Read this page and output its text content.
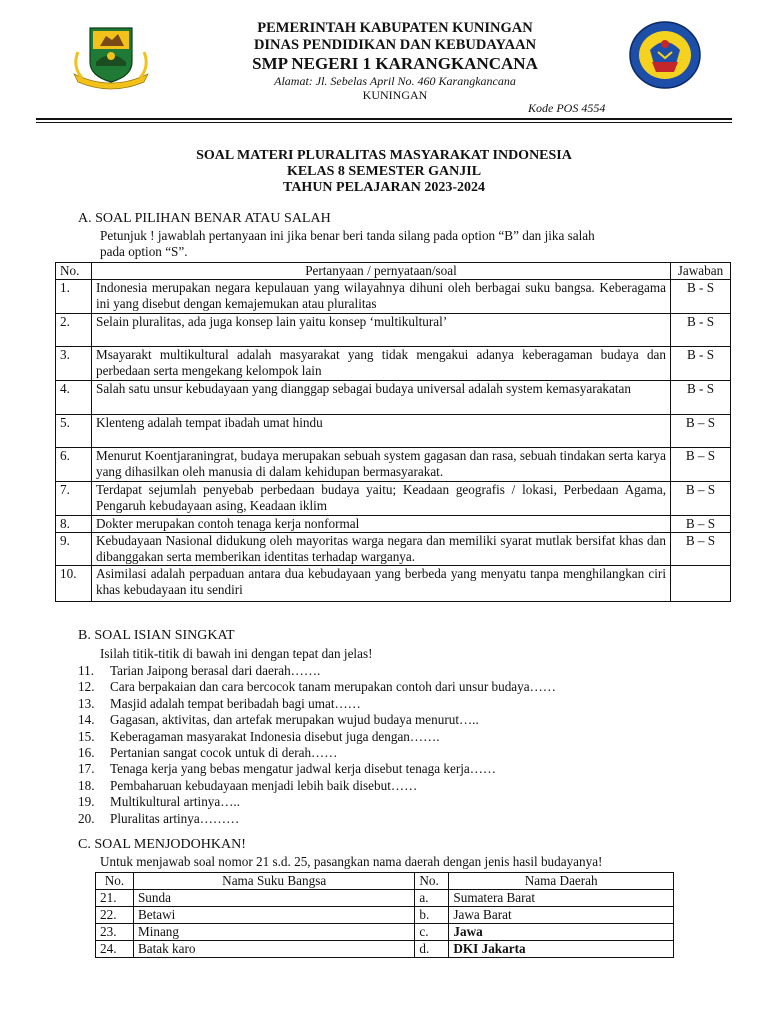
PEMERINTAH KABUPATEN KUNINGAN
DINAS PENDIDIKAN DAN KEBUDAYAAN
SMP NEGERI 1 KARANGKANCANA
Alamat: Jl. Sebelas April No. 460 Karangkancana
KUNINGAN
Kode POS 4554
SOAL MATERI PLURALITAS MASYARAKAT INDONESIA
KELAS 8 SEMESTER GANJIL
TAHUN PELAJARAN 2023-2024
A. SOAL PILIHAN BENAR ATAU SALAH
Petunjuk ! jawablah pertanyaan ini jika benar beri tanda silang pada option “B” dan jika salah
pada option “S”.
No.	Pertanyaan / pernyataan/soal	Jawaban
1.	Indonesia merupakan negara kepulauan yang wilayahnya dihuni oleh berbagai suku bangsa. Keberagama ini yang disebut dengan kemajemukan atau pluralitas	B - S
2.	Selain pluralitas, ada juga konsep lain yaitu konsep ‘multikultural’	B - S
3.	Msayarakt multikultural adalah masyarakat yang tidak mengakui adanya keberagaman budaya dan perbedaan serta mengekang kelompok lain	B - S
4.	Salah satu unsur kebudayaan yang dianggap sebagai budaya universal adalah system kemasyarakatan	B - S
5.	Klenteng adalah tempat ibadah umat hindu	B – S
6.	Menurut Koentjaraningrat, budaya merupakan sebuah system gagasan dan rasa, sebuah tindakan serta karya yang dihasilkan oleh manusia di dalam kehidupan bermasyarakat.	B – S
7.	Terdapat sejumlah penyebab perbedaan budaya yaitu; Keadaan geografis / lokasi, Perbedaan Agama, Pengaruh kebudayaan asing, Keadaan iklim	B – S
8.	Dokter merupakan contoh tenaga kerja nonformal	B – S
9.	Kebudayaan Nasional didukung oleh mayoritas warga negara dan memiliki syarat mutlak bersifat khas dan dibanggakan serta memberikan identitas terhadap warganya.	B – S
10.	Asimilasi adalah perpaduan antara dua kebudayaan yang berbeda yang menyatu tanpa menghilangkan ciri khas kebudayaan itu sendiri	
B. SOAL ISIAN SINGKAT
Isilah titik-titik di bawah ini dengan tepat dan jelas!
11. Tarian Jaipong berasal dari daerah…….
12. Cara berpakaian dan cara bercocok tanam merupakan contoh dari unsur budaya……
13. Masjid adalah tempat beribadah bagi umat……
14. Gagasan, aktivitas, dan artefak merupakan wujud budaya menurut…..
15. Keberagaman masyarakat Indonesia disebut juga dengan…….
16. Pertanian sangat cocok untuk di derah……
17. Tenaga kerja yang bebas mengatur jadwal kerja disebut tenaga kerja……
18. Pembaharuan kebudayaan menjadi lebih baik disebut……
19. Multikultural artinya…..
20. Pluralitas artinya………
C. SOAL MENJODOHKAN!
Untuk menjawab soal nomor 21 s.d. 25, pasangkan nama daerah dengan jenis hasil budayanya!
No.	Nama Suku Bangsa	No.	Nama Daerah
21.	Sunda	a.	Sumatera Barat
22.	Betawi	b.	Jawa Barat
23.	Minang	c.	Jawa
24.	Batak karo	d.	DKI Jakarta
